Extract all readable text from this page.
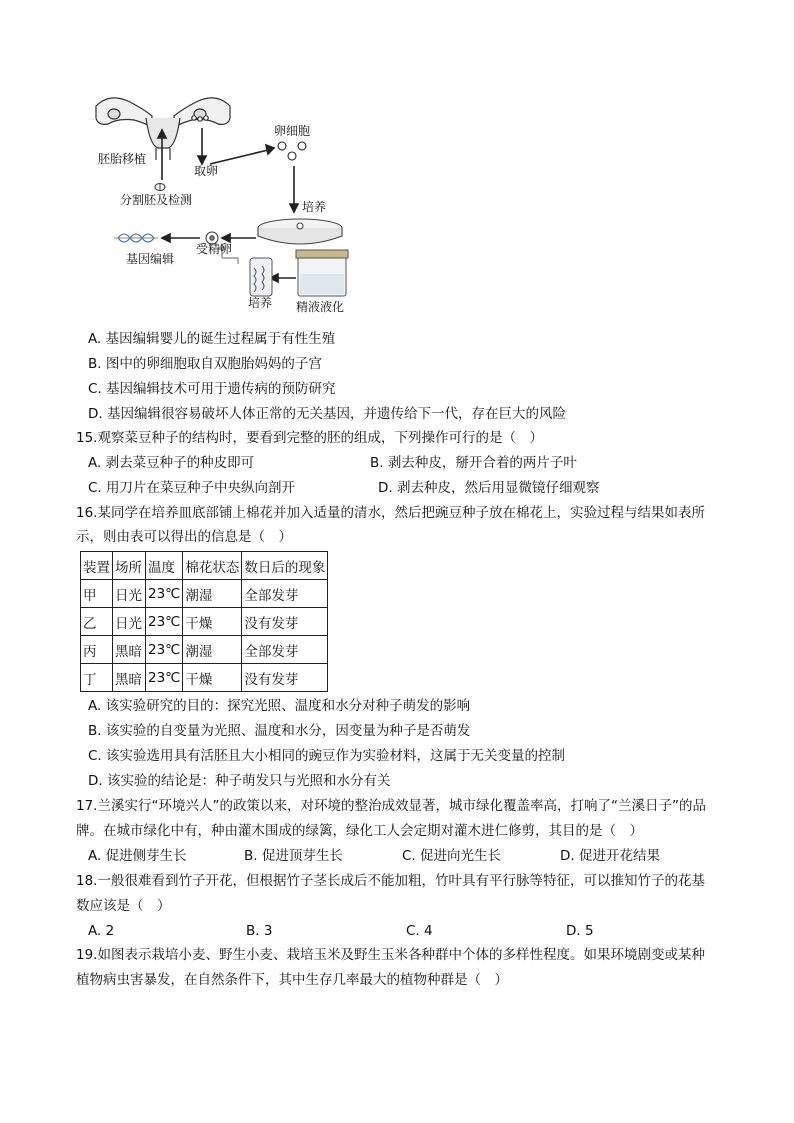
胚胎移植
取卵
卵细胞
分割胚及检测	培养
基因编辑
受精卵
培养 精液液化
A. 基因编辑婴儿的诞生过程属于有性生殖
B. 图中的卵细胞取自双胞胎妈妈的子宫
C. 基因编辑技术可用于遗传病的预防研究
D. 基因编辑很容易破坏人体正常的无关基因，并遗传给下一代，存在巨大的风险
15.观察菜豆种子的结构时，要看到完整的胚的组成，下列操作可行的是（　）
A. 剥去菜豆种子的种皮即可	B. 剥去种皮，掰开合着的两片子叶
C. 用刀片在菜豆种子中央纵向剖开	D. 剥去种皮，然后用显微镜仔细观察
16.某同学在培养皿底部铺上棉花并加入适量的清水，然后把豌豆种子放在棉花上，实验过程与结果如表所
示，则由表可以得出的信息是（　）
装置	场所	温度	棉花状态	数日后的现象
甲	日光	23℃	潮湿	全部发芽
乙	日光	23℃	干燥	没有发芽
丙	黑暗	23℃	潮湿	全部发芽
丁	黑暗	23℃	干燥	没有发芽
A. 该实验研究的目的：探究光照、温度和水分对种子萌发的影响
B. 该实验的自变量为光照、温度和水分，因变量为种子是否萌发
C. 该实验选用具有活胚且大小相同的豌豆作为实验材料，这属于无关变量的控制
D. 该实验的结论是：种子萌发只与光照和水分有关
17.兰溪实行“环境兴人”的政策以来，对环境的整治成效显著，城市绿化覆盖率高，打响了“兰溪日子”的品
牌。在城市绿化中有，种由灌木围成的绿篱，绿化工人会定期对灌木进仁修剪，其目的是（　）
A. 促进侧芽生长	B. 促进顶芽生长	C. 促进向光生长	D. 促进开花结果
18.一般很难看到竹子开花，但根据竹子茎长成后不能加粗，竹叶具有平行脉等特征，可以推知竹子的花基
数应该是（　）
A. 2	B. 3	C. 4	D. 5
19.如图表示栽培小麦、野生小麦、栽培玉米及野生玉米各种群中个体的多样性程度。如果环境剧变或某种
植物病虫害暴发，在自然条件下，其中生存几率最大的植物种群是（　）
